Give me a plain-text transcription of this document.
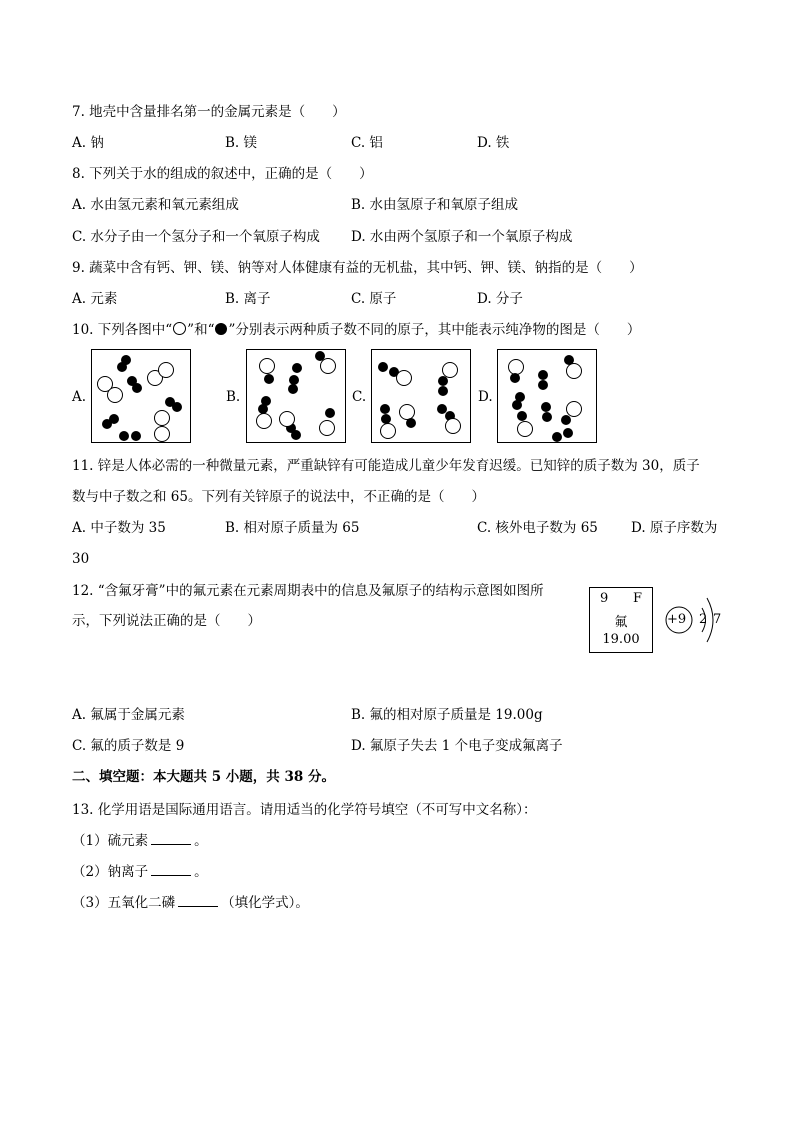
7. 地壳中含量排名第一的金属元素是（　　）
A. 钠	B. 镁	C. 铝	D. 铁
8. 下列关于水的组成的叙述中，正确的是（　　）
A. 水由氢元素和氧元素组成	B. 水由氢原子和氧原子组成
C. 水分子由一个氢分子和一个氧原子构成 D. 水由两个氢原子和一个氧原子构成
9. 蔬菜中含有钙、钾、镁、钠等对人体健康有益的无机盐，其中钙、钾、镁、钠指的是（　　）
A. 元素	B. 离子	C. 原子	D. 分子
10. 下列各图中“ ”和“ ”分别表示两种质子数不同的原子，其中能表示纯净物的图是（　　）
A.	B.	C.	D.
11. 锌是人体必需的一种微量元素，严重缺锌有可能造成儿童少年发育迟缓。已知锌的质子数为 30，质子
数与中子数之和 65。下列有关锌原子的说法中，不正确的是（　　）
A. 中子数为 35	B. 相对原子质量为 65	C. 核外电子数为 65 D. 原子序数为
30
12. “含氟牙膏”中的氟元素在元素周期表中的信息及氟原子的结构示意图如图所
示，下列说法正确的是（　　）
9 F
氟
19.00
+9 2 7
A. 氟属于金属元素	B. 氟的相对原子质量是 19.00g
C. 氟的质子数是 9	D. 氟原子失去 1 个电子变成氟离子
二、填空题：本大题共 5 小题，共 38 分。
13. 化学用语是国际通用语言。请用适当的化学符号填空（不可写中文名称）：
（1）硫元素	。
（2）钠离子	。
（3）五氧化二磷	（填化学式）。
